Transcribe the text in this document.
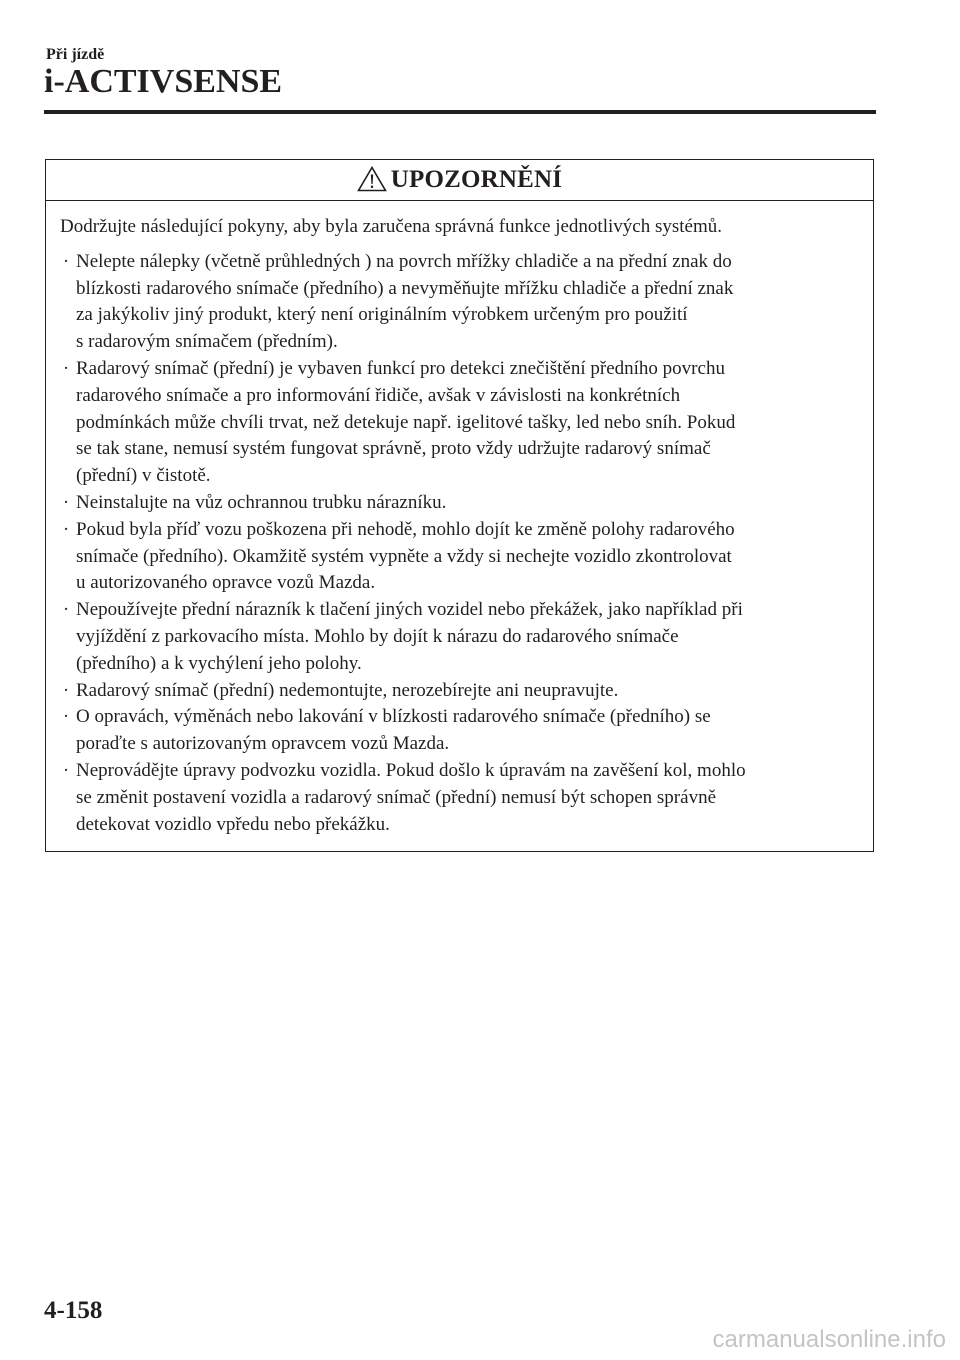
Při jízdě
i-ACTIVSENSE
UPOZORNĚNÍ

Dodržujte následující pokyny, aby byla zaručena správná funkce jednotlivých systémů.

· Nelepte nálepky (včetně průhledných ) na povrch mřížky chladiče a na přední znak do
blízkosti radarového snímače (předního) a nevyměňujte mřížku chladiče a přední znak
za jakýkoliv jiný produkt, který není originálním výrobkem určeným pro použití
s radarovým snímačem (předním).
· Radarový snímač (přední) je vybaven funkcí pro detekci znečištění předního povrchu
radarového snímače a pro informování řidiče, avšak v závislosti na konkrétních
podmínkách může chvíli trvat, než detekuje např. igelitové tašky, led nebo sníh. Pokud
se tak stane, nemusí systém fungovat správně, proto vždy udržujte radarový snímač
(přední) v čistotě.
· Neinstalujte na vůz ochrannou trubku nárazníku.
· Pokud byla příď vozu poškozena při nehodě, mohlo dojít ke změně polohy radarového
snímače (předního). Okamžitě systém vypněte a vždy si nechejte vozidlo zkontrolovat
u autorizovaného opravce vozů Mazda.
· Nepoužívejte přední nárazník k tlačení jiných vozidel nebo překážek, jako například při
vyjíždění z parkovacího místa. Mohlo by dojít k nárazu do radarového snímače
(předního) a k vychýlení jeho polohy.
· Radarový snímač (přední) nedemontujte, nerozebírejte ani neupravujte.
· O opravách, výměnách nebo lakování v blízkosti radarového snímače (předního) se
poraďte s autorizovaným opravcem vozů Mazda.
· Neprovádějte úpravy podvozku vozidla. Pokud došlo k úpravám na zavěšení kol, mohlo
se změnit postavení vozidla a radarový snímač (přední) nemusí být schopen správně
detekovat vozidlo vpředu nebo překážku.
4-158
carmanualsonline.info
